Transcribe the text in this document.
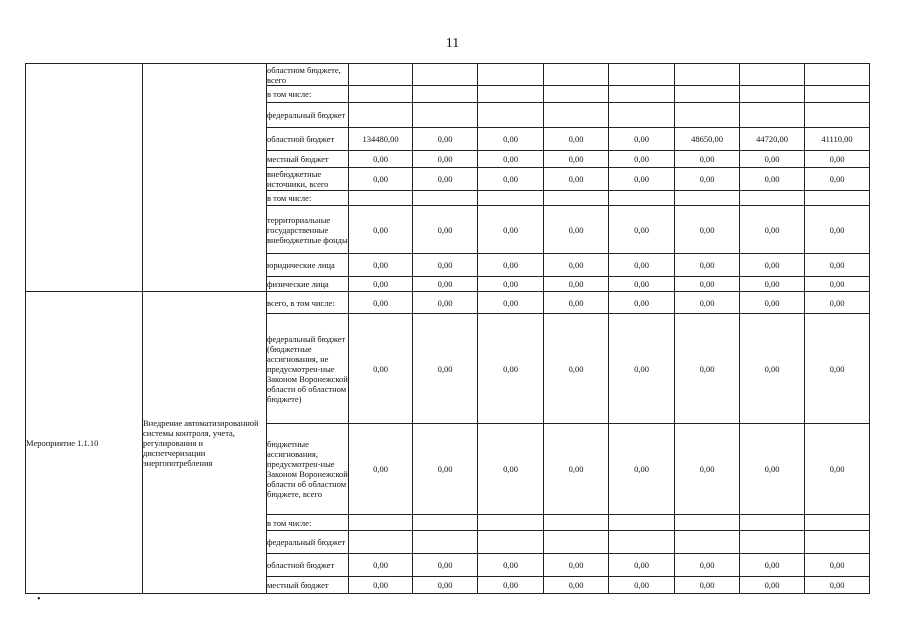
11
		областном бюджете, всего								
		в том числе:								
		федеральный бюджет								
		областной бюджет	134480,00	0,00	0,00	0,00	0,00	48650,00	44720,00	41110,00
		местный бюджет	0,00	0,00	0,00	0,00	0,00	0,00	0,00	0,00
		внебюджетные источники, всего	0,00	0,00	0,00	0,00	0,00	0,00	0,00	0,00
		в том числе:								
		территориальные государственные внебюджетные фонды	0,00	0,00	0,00	0,00	0,00	0,00	0,00	0,00
		юридические лица	0,00	0,00	0,00	0,00	0,00	0,00	0,00	0,00
		физические лица	0,00	0,00	0,00	0,00	0,00	0,00	0,00	0,00
Мероприятие 1.1.10	Внедрение автоматизированной системы контроля, учета, регулирования и диспетчеризации энергопотребления	всего, в том числе:	0,00	0,00	0,00	0,00	0,00	0,00	0,00	0,00
		федеральный бюджет (бюджетные ассигнования, не предусмотрен-ные Законом Воронежской области об областном бюджете)	0,00	0,00	0,00	0,00	0,00	0,00	0,00	0,00
		бюджетные ассигнования, предусмотрен-ные Законом Воронежской области об областном бюджете, всего	0,00	0,00	0,00	0,00	0,00	0,00	0,00	0,00
		в том числе:								
		федеральный бюджет								
		областной бюджет	0,00	0,00	0,00	0,00	0,00	0,00	0,00	0,00
		местный бюджет	0,00	0,00	0,00	0,00	0,00	0,00	0,00	0,00
•
